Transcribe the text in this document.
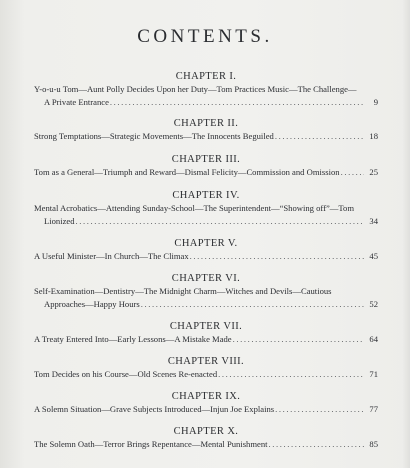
CONTENTS.
CHAPTER I.
Y-o-u-u Tom—Aunt Polly Decides Upon her Duty—Tom Practices Music—The Challenge—
A Private Entrance .....	9
CHAPTER II.
Strong Temptations—Strategic Movements—The Innocents Beguiled .....	18
CHAPTER III.
Tom as a General—Triumph and Reward—Dismal Felicity—Commission and Omission .....	25
CHAPTER IV.
Mental Acrobatics—Attending Sunday-School—The Superintendent—“Showing off”—Tom
Lionized .....	34
CHAPTER V.
A Useful Minister—In Church—The Climax .....	45
CHAPTER VI.
Self-Examination—Dentistry—The Midnight Charm—Witches and Devils—Cautious
Approaches—Happy Hours .....	52
CHAPTER VII.
A Treaty Entered Into—Early Lessons—A Mistake Made .....	64
CHAPTER VIII.
Tom Decides on his Course—Old Scenes Re-enacted .....	71
CHAPTER IX.
A Solemn Situation—Grave Subjects Introduced—Injun Joe Explains .....	77
CHAPTER X.
The Solemn Oath—Terror Brings Repentance—Mental Punishment .....	85
